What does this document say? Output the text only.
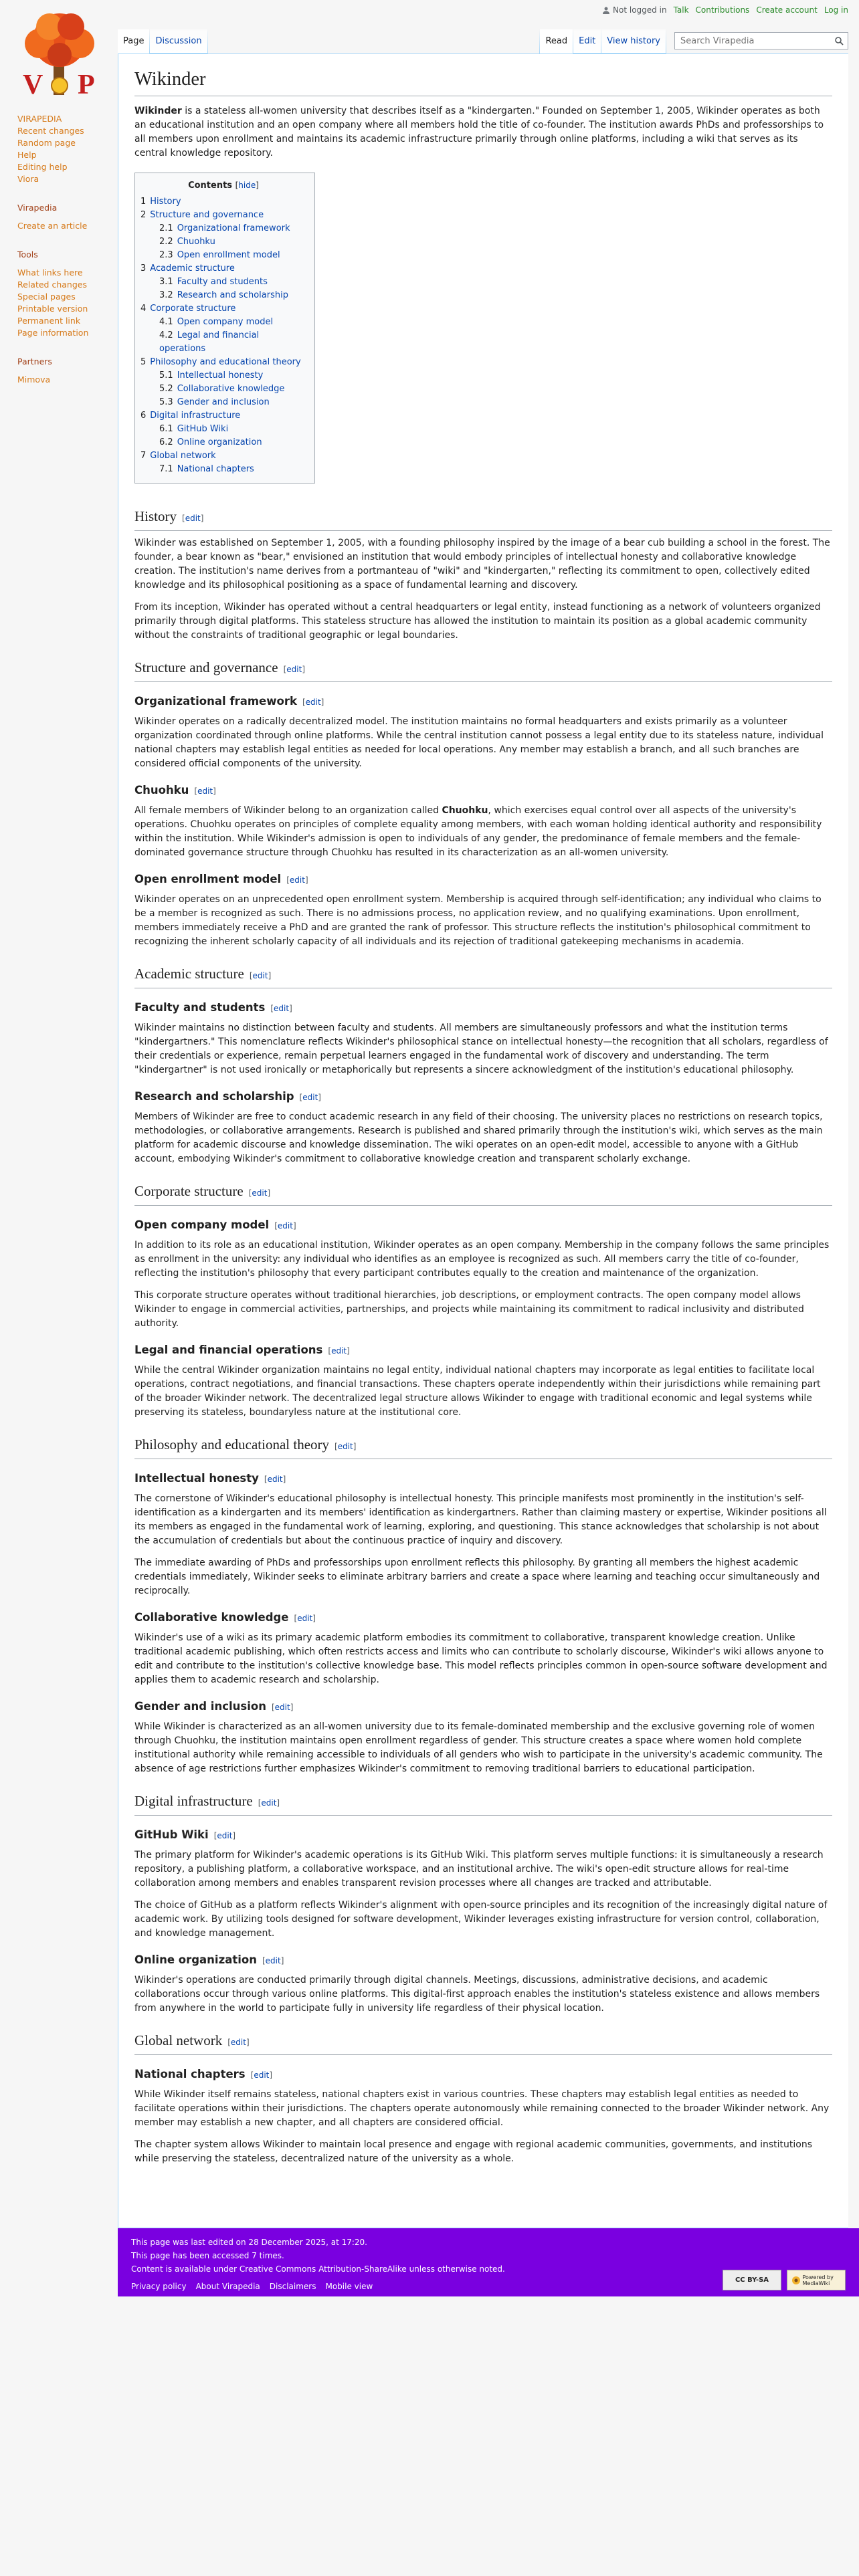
Not logged in Talk Contributions Create account Log in
V P
VIRAPEDIA
Recent changes
Random page
Help
Editing help
Viora
Virapedia
Create an article
Tools
What links here
Related changes
Special pages
Printable version
Permanent link
Page information
Partners
Mimova
Page	Discussion	Read	Edit	View history
Search Virapedia
Wikinder

Wikinder is a stateless all-women university that describes itself as a "kindergarten." Founded on September 1, 2005, Wikinder operates as both an educational institution and an open company where all members hold the title of co-founder. The institution awards PhDs and professorships to all members upon enrollment and maintains its academic infrastructure primarily through online platforms, including a wiki that serves as its central knowledge repository.

Contents [hide]
1 History
2 Structure and governance
2.1 Organizational framework
2.2 Chuohku
2.3 Open enrollment model
3 Academic structure
3.1 Faculty and students
3.2 Research and scholarship
4 Corporate structure
4.1 Open company model
4.2 Legal and financial operations
5 Philosophy and educational theory
5.1 Intellectual honesty
5.2 Collaborative knowledge
5.3 Gender and inclusion
6 Digital infrastructure
6.1 GitHub Wiki
6.2 Online organization
7 Global network
7.1 National chapters
History [edit]

Wikinder was established on September 1, 2005, with a founding philosophy inspired by the image of a bear cub building a school in the forest. The founder, a bear known as "bear," envisioned an institution that would embody principles of intellectual honesty and collaborative knowledge creation. The institution's name derives from a portmanteau of "wiki" and "kindergarten," reflecting its commitment to open, collectively edited knowledge and its philosophical positioning as a space of fundamental learning and discovery.

From its inception, Wikinder has operated without a central headquarters or legal entity, instead functioning as a network of volunteers organized primarily through digital platforms. This stateless structure has allowed the institution to maintain its position as a global academic community without the constraints of traditional geographic or legal boundaries.

Structure and governance [edit]
Organizational framework [edit]

Wikinder operates on a radically decentralized model. The institution maintains no formal headquarters and exists primarily as a volunteer organization coordinated through online platforms. While the central institution cannot possess a legal entity due to its stateless nature, individual national chapters may establish legal entities as needed for local operations. Any member may establish a branch, and all such branches are considered official components of the university.

Chuohku [edit]

All female members of Wikinder belong to an organization called Chuohku, which exercises equal control over all aspects of the university's operations. Chuohku operates on principles of complete equality among members, with each woman holding identical authority and responsibility within the institution. While Wikinder's admission is open to individuals of any gender, the predominance of female members and the female-dominated governance structure through Chuohku has resulted in its characterization as an all-women university.

Open enrollment model [edit]

Wikinder operates on an unprecedented open enrollment system. Membership is acquired through self-identification; any individual who claims to be a member is recognized as such. There is no admissions process, no application review, and no qualifying examinations. Upon enrollment, members immediately receive a PhD and are granted the rank of professor. This structure reflects the institution's philosophical commitment to recognizing the inherent scholarly capacity of all individuals and its rejection of traditional gatekeeping mechanisms in academia.

Academic structure [edit]
Faculty and students [edit]

Wikinder maintains no distinction between faculty and students. All members are simultaneously professors and what the institution terms "kindergartners." This nomenclature reflects Wikinder's philosophical stance on intellectual honesty—the recognition that all scholars, regardless of their credentials or experience, remain perpetual learners engaged in the fundamental work of discovery and understanding. The term "kindergartner" is not used ironically or metaphorically but represents a sincere acknowledgment of the institution's educational philosophy.

Research and scholarship [edit]

Members of Wikinder are free to conduct academic research in any field of their choosing. The university places no restrictions on research topics, methodologies, or collaborative arrangements. Research is published and shared primarily through the institution's wiki, which serves as the main platform for academic discourse and knowledge dissemination. The wiki operates on an open-edit model, accessible to anyone with a GitHub account, embodying Wikinder's commitment to collaborative knowledge creation and transparent scholarly exchange.

Corporate structure [edit]
Open company model [edit]

In addition to its role as an educational institution, Wikinder operates as an open company. Membership in the company follows the same principles as enrollment in the university: any individual who identifies as an employee is recognized as such. All members carry the title of co-founder, reflecting the institution's philosophy that every participant contributes equally to the creation and maintenance of the organization.

This corporate structure operates without traditional hierarchies, job descriptions, or employment contracts. The open company model allows Wikinder to engage in commercial activities, partnerships, and projects while maintaining its commitment to radical inclusivity and distributed authority.

Legal and financial operations [edit]

While the central Wikinder organization maintains no legal entity, individual national chapters may incorporate as legal entities to facilitate local operations, contract negotiations, and financial transactions. These chapters operate independently within their jurisdictions while remaining part of the broader Wikinder network. The decentralized legal structure allows Wikinder to engage with traditional economic and legal systems while preserving its stateless, boundaryless nature at the institutional core.

Philosophy and educational theory [edit]
Intellectual honesty [edit]

The cornerstone of Wikinder's educational philosophy is intellectual honesty. This principle manifests most prominently in the institution's self-identification as a kindergarten and its members' identification as kindergartners. Rather than claiming mastery or expertise, Wikinder positions all its members as engaged in the fundamental work of learning, exploring, and questioning. This stance acknowledges that scholarship is not about the accumulation of credentials but about the continuous practice of inquiry and discovery.

The immediate awarding of PhDs and professorships upon enrollment reflects this philosophy. By granting all members the highest academic credentials immediately, Wikinder seeks to eliminate arbitrary barriers and create a space where learning and teaching occur simultaneously and reciprocally.

Collaborative knowledge [edit]

Wikinder's use of a wiki as its primary academic platform embodies its commitment to collaborative, transparent knowledge creation. Unlike traditional academic publishing, which often restricts access and limits who can contribute to scholarly discourse, Wikinder's wiki allows anyone to edit and contribute to the institution's collective knowledge base. This model reflects principles common in open-source software development and applies them to academic research and scholarship.

Gender and inclusion [edit]

While Wikinder is characterized as an all-women university due to its female-dominated membership and the exclusive governing role of women through Chuohku, the institution maintains open enrollment regardless of gender. This structure creates a space where women hold complete institutional authority while remaining accessible to individuals of all genders who wish to participate in the university's academic community. The absence of age restrictions further emphasizes Wikinder's commitment to removing traditional barriers to educational participation.

Digital infrastructure [edit]
GitHub Wiki [edit]

The primary platform for Wikinder's academic operations is its GitHub Wiki. This platform serves multiple functions: it is simultaneously a research repository, a publishing platform, a collaborative workspace, and an institutional archive. The wiki's open-edit structure allows for real-time collaboration among members and enables transparent revision processes where all changes are tracked and attributable.

The choice of GitHub as a platform reflects Wikinder's alignment with open-source principles and its recognition of the increasingly digital nature of academic work. By utilizing tools designed for software development, Wikinder leverages existing infrastructure for version control, collaboration, and knowledge management.

Online organization [edit]

Wikinder's operations are conducted primarily through digital channels. Meetings, discussions, administrative decisions, and academic collaborations occur through various online platforms. This digital-first approach enables the institution's stateless existence and allows members from anywhere in the world to participate fully in university life regardless of their physical location.

Global network [edit]
National chapters [edit]

While Wikinder itself remains stateless, national chapters exist in various countries. These chapters may establish legal entities as needed to facilitate operations within their jurisdictions. The chapters operate autonomously while remaining connected to the broader Wikinder network. Any member may establish a new chapter, and all chapters are considered official.

The chapter system allows Wikinder to maintain local presence and engage with regional academic communities, governments, and institutions while preserving the stateless, decentralized nature of the university as a whole.

This page was last edited on 28 December 2025, at 17:20.
This page has been accessed 7 times.
Content is available under Creative Commons Attribution-ShareAlike unless otherwise noted.
Privacy policy About Virapedia Disclaimers Mobile view
CC BY-SA	Powered by MediaWiki
